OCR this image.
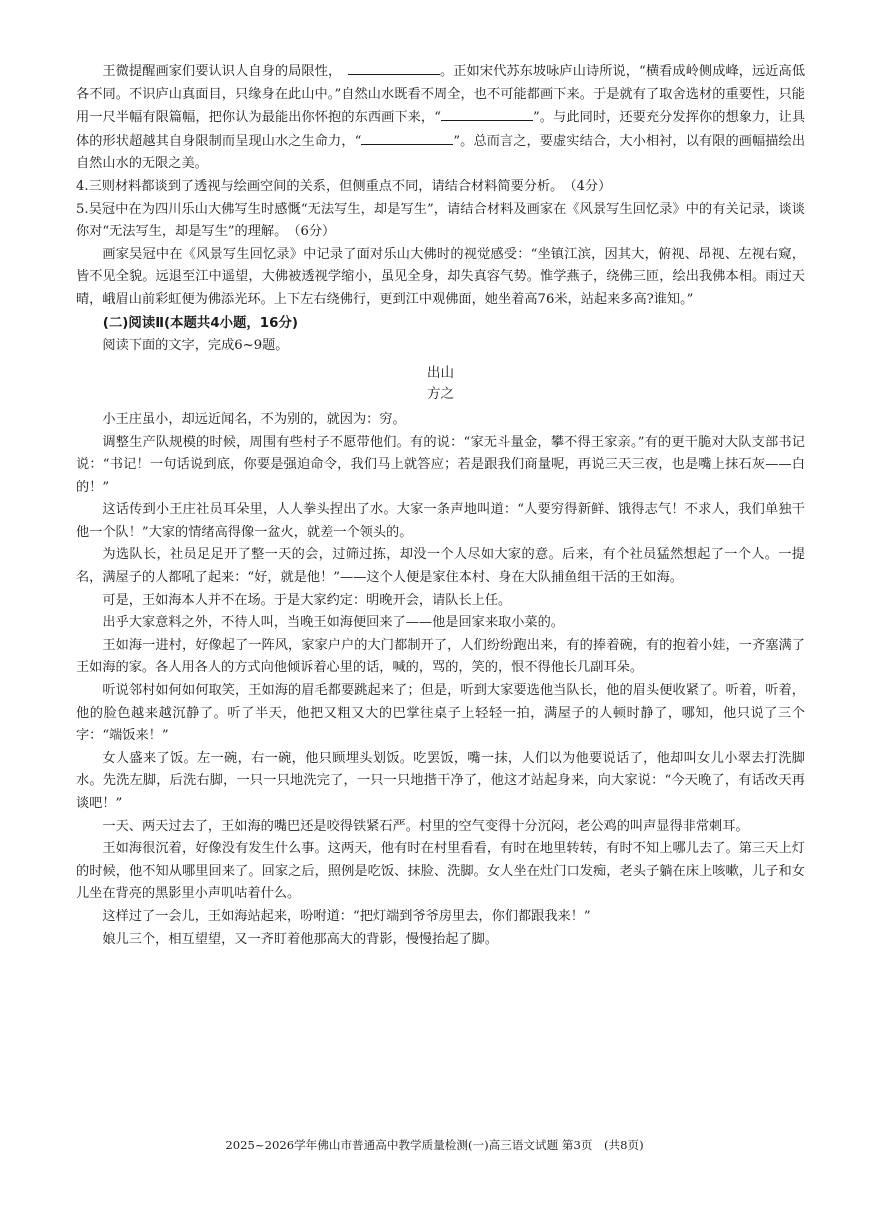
王微提醒画家们要认识人自身的局限性，　	。正如宋代苏东坡咏庐山诗所说，“横看成岭侧成峰，远近高低各不同。不识庐山真面目，只缘身在此山中。”自然山水既看不周全，也不可能都画下来。于是就有了取舍选材的重要性，只能用一尺半幅有限篇幅，把你认为最能出你怀抱的东西画下来，“	”。与此同时，还要充分发挥你的想象力，让具体的形状超越其自身限制而呈现山水之生命力，“	”。总而言之，要虚实结合，大小相衬，以有限的画幅描绘出自然山水的无限之美。

4.三则材料都谈到了透视与绘画空间的关系，但侧重点不同，请结合材料简要分析。　（4分）

5.吴冠中在为四川乐山大佛写生时感慨“无法写生，却是写生”，请结合材料及画家在《风景写生回忆录》中的有关记录，谈谈你对“无法写生，却是写生”的理解。　（6分）

画家吴冠中在《风景写生回忆录》中记录了面对乐山大佛时的视觉感受：“坐镇江滨，因其大，俯视、昂视、左视右窥，皆不见全貌。远退至江中遥望，大佛被透视学缩小，虽见全身，却失真容气势。惟学燕子，绕佛三匝，绘出我佛本相。雨过天晴，峨眉山前彩虹便为佛添光环。上下左右绕佛行，更到江中观佛面，她坐着高76米，站起来多高?谁知。”

(二)阅读Ⅱ(本题共4小题，16分)

阅读下面的文字，完成6~9题。

出山

方之

小王庄虽小，却远近闻名，不为别的，就因为：穷。

调整生产队规模的时候，周围有些村子不愿带他们。有的说：“家无斗量金，攀不得王家亲。”有的更干脆对大队支部书记说：“书记！一句话说到底，你要是强迫命令，我们马上就答应；若是跟我们商量呢，再说三天三夜，也是嘴上抹石灰——白的！”

这话传到小王庄社员耳朵里，人人拳头捏出了水。大家一条声地叫道：“人要穷得新鲜、饿得志气！不求人，我们单独干他一个队！”大家的情绪高得像一盆火，就差一个领头的。

为选队长，社员足足开了整一天的会，过筛过拣，却没一个人尽如大家的意。后来，有个社员猛然想起了一个人。一提名，满屋子的人都吼了起来：“好，就是他！”——这个人便是家住本村、身在大队捕鱼组干活的王如海。

可是，王如海本人并不在场。于是大家约定：明晚开会，请队长上任。

出乎大家意料之外，不待人叫，当晚王如海便回来了——他是回家来取小菜的。

王如海一进村，好像起了一阵风，家家户户的大门都制开了，人们纷纷跑出来，有的捧着碗，有的抱着小娃，一齐塞满了王如海的家。各人用各人的方式向他倾诉着心里的话，喊的，骂的，笑的，恨不得他长几副耳朵。

听说邻村如何如何取笑，王如海的眉毛都要跳起来了；但是，听到大家要选他当队长，他的眉头便收紧了。听着，听着，他的脸色越来越沉静了。听了半天，他把又粗又大的巴掌往桌子上轻轻一拍，满屋子的人顿时静了，哪知，他只说了三个字：“端饭来！”

女人盛来了饭。左一碗，右一碗，他只顾埋头划饭。吃罢饭，嘴一抹，人们以为他要说话了，他却叫女儿小翠去打洗脚水。先洗左脚，后洗右脚，一只一只地洗完了，一只一只地揩干净了，他这才站起身来，向大家说：“今天晚了，有话改天再谈吧！”

一天、两天过去了，王如海的嘴巴还是咬得铁紧石严。村里的空气变得十分沉闷，老公鸡的叫声显得非常刺耳。

王如海很沉着，好像没有发生什么事。这两天，他有时在村里看看，有时在地里转转，有时不知上哪儿去了。第三天上灯的时候，他不知从哪里回来了。回家之后，照例是吃饭、抹脸、洗脚。女人坐在灶门口发痴，老头子躺在床上咳嗽，儿子和女儿坐在背亮的黑影里小声叽咕着什么。

这样过了一会儿，王如海站起来，吩咐道：“把灯端到爷爷房里去，你们都跟我来！”

娘儿三个，相互望望，又一齐盯着他那高大的背影，慢慢抬起了脚。

2025~2026学年佛山市普通高中教学质量检测(一)高三语文试题 第3页　(共8页)
